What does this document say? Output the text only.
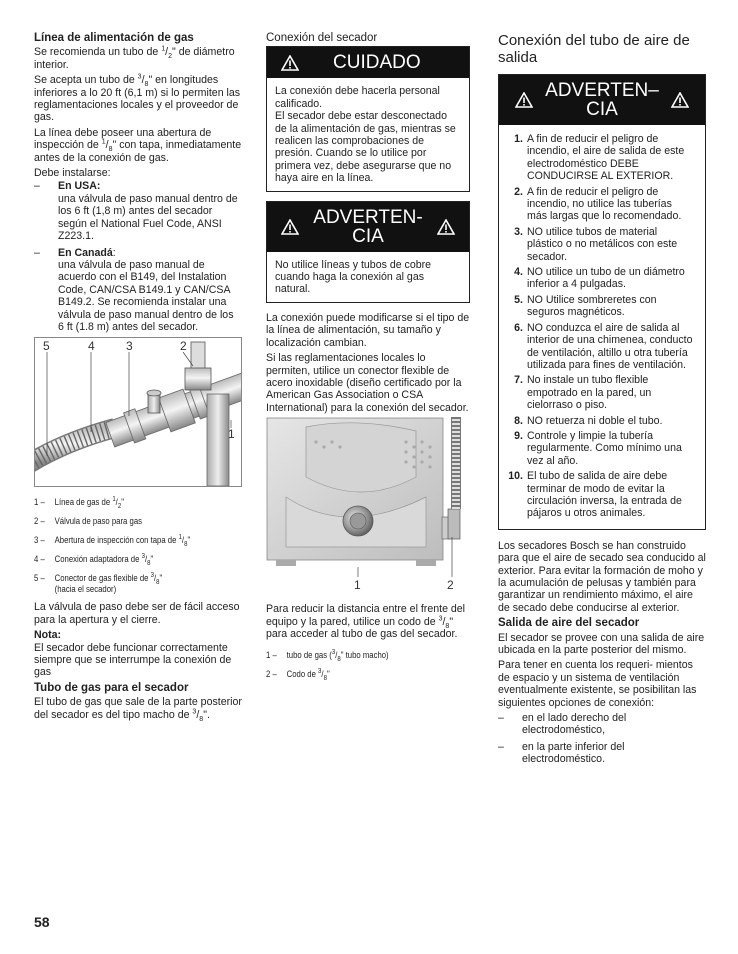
Línea de alimentación de gas

Se recomienda un tubo de $^1/_2$" de diámetro interior.

Se acepta un tubo de $^3/_8$" en longitudes inferiores a lo 20 ft (6,1 m) si lo permiten las reglamentaciones locales y el proveedor de gas.

La línea debe poseer una abertura de inspección de $^1/_8$" con tapa, inmediatamente antes de la conexión de gas.

Debe instalarse:

–	En USA:
una válvula de paso manual dentro de los 6 ft (1,8 m) antes del secador según el National Fuel Code, ANSI Z223.1.
–	En Canadá:
una válvula de paso manual de acuerdo con el B149, del Instalation Code, CAN/CSA B149.1 y CAN/CSA B149.2. Se recomienda instalar una válvula de paso manual dentro de los 6 ft (1.8 m) antes del secador.
5	4	3	2
1
1 –	Línea de gas de $^1/_2$"
2 –	Válvula de paso para gas
3 –	Abertura de inspección con tapa de $^1/_8$"
4 –	Conexión adaptadora de $^3/_8$"
5 –	Conector de gas flexible de $^3/_8$"
(hacia el secador)

La válvula de paso debe ser de fácil acceso para la apertura y el cierre.

Nota:

El secador debe funcionar correctamente siempre que se interrumpe la conexión de gas

Tubo de gas para el secador

El tubo de gas que sale de la parte posterior del secador es del tipo macho de $^3/_8$".

Conexión del secador
CUIDADO
La conexión debe hacerla personal calificado.
El secador debe estar desconectado de la alimentación de gas, mientras se realicen las comprobaciones de presión. Cuando se lo utilice por primera vez, debe asegurarse que no haya aire en la línea.
ADVERTEN-
CIA
No utilice líneas y tubos de cobre cuando haga la conexión al gas natural.

La conexión puede modificarse si el tipo de la línea de alimentación, su tamaño y localización cambian.

Si las reglamentaciones locales lo permiten, utilice un conector flexible de acero inoxidable (diseño certificado por la American Gas Association o CSA International) para la conexión del secador.

1	2

Para reducir la distancia entre el frente del equipo y la pared, utilice un codo de $^3/_8$" para acceder al tubo de gas del secador.

1 –	tubo de gas ($^3/_8$" tubo macho)
2 –	Codo de $^3/_8$"
Conexión del tubo de aire de salida
ADVERTEN–
CIA
1. A fin de reducir el peligro de incendio, el aire de salida de este electrodoméstico DEBE CONDUCIRSE AL EXTERIOR.
2. A fin de reducir el peligro de incendio, no utilice las tuberías más largas que lo recomendado.
3. NO utilice tubos de material plástico o no metálicos con este secador.
4. NO utilice un tubo de un diámetro inferior a 4 pulgadas.
5. NO Utilice sombreretes con seguros magnéticos.
6. NO conduzca el aire de salida al interior de una chimenea, conducto de ventilación, altillo u otra tubería utilizada para fines de ventilación.
7. No instale un tubo flexible empotrado en la pared, un cielorraso o piso.
8. NO retuerza ni doble el tubo.
9. Controle y limpie la tubería regularmente. Como mínimo una vez al año.
10. El tubo de salida de aire debe terminar de modo de evitar la circulación inversa, la entrada de pájaros u otros animales.

Los secadores Bosch se han construido para que el aire de secado sea conducido al exterior. Para evitar la formación de moho y la acumulación de pelusas y también para garantizar un rendimiento máximo, el aire de secado debe conducirse al exterior.

Salida de aire del secador

El secador se provee con una salida de aire ubicada en la parte posterior del mismo.

Para tener en cuenta los requeri- mientos de espacio y un sistema de ventilación eventualmente existente, se posibilitan las siguientes opciones de conexión:

–	en el lado derecho del electrodoméstico,
–	en la parte inferior del electrodoméstico.
58
